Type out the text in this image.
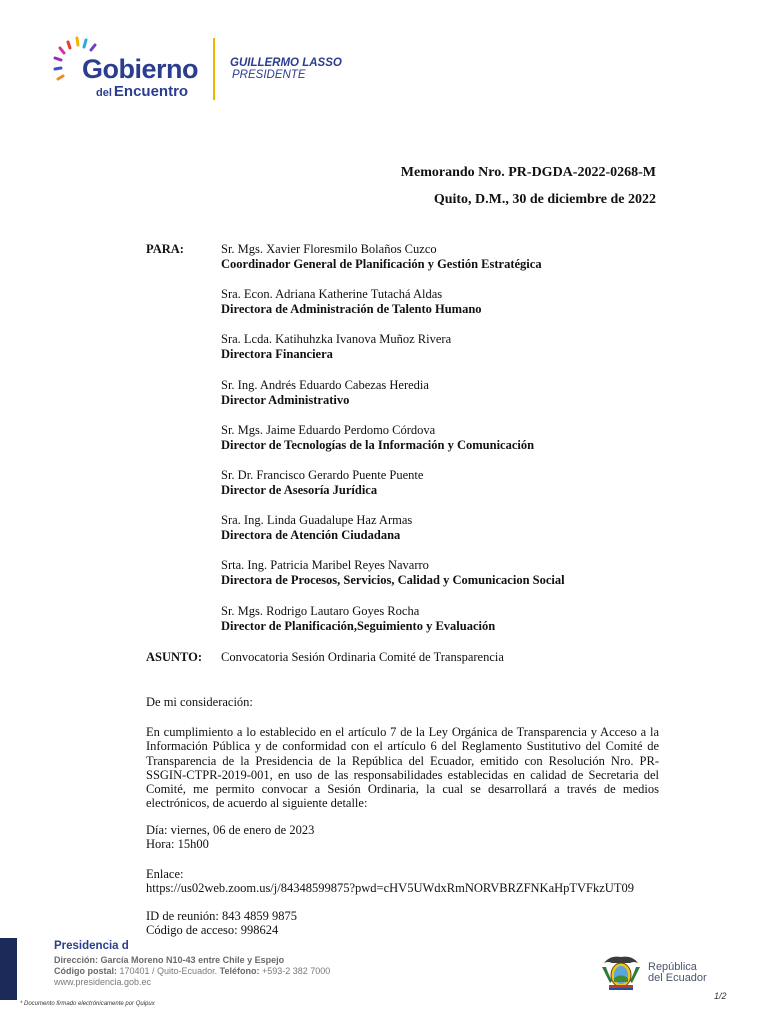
Gobierno
del Encuentro
GUILLERMO LASSO
PRESIDENTE
Memorando Nro. PR-DGDA-2022-0268-M
Quito, D.M., 30 de diciembre de 2022
PARA:	Sr. Mgs. Xavier Floresmilo Bolaños Cuzco
Coordinador General de Planificación y Gestión Estratégica
Sra. Econ. Adriana Katherine Tutachá Aldas
Directora de Administración de Talento Humano
Sra. Lcda. Katihuhzka Ivanova Muñoz Rivera
Directora Financiera
Sr. Ing. Andrés Eduardo Cabezas Heredia
Director Administrativo
Sr. Mgs. Jaime Eduardo Perdomo Córdova
Director de Tecnologías de la Información y Comunicación
Sr. Dr. Francisco Gerardo Puente Puente
Director de Asesoría Jurídica
Sra. Ing. Linda Guadalupe Haz Armas
Directora de Atención Ciudadana
Srta. Ing. Patricia Maribel Reyes Navarro
Directora de Procesos, Servicios, Calidad y Comunicacion Social
Sr. Mgs. Rodrigo Lautaro Goyes Rocha
Director de Planificación,Seguimiento y Evaluación
ASUNTO: Convocatoria Sesión Ordinaria Comité de Transparencia
De mi consideración:
En cumplimiento a lo establecido en el artículo 7 de la Ley Orgánica de Transparencia y Acceso a la Información Pública y de conformidad con el artículo 6 del Reglamento Sustitutivo del Comité de Transparencia de la Presidencia de la República del Ecuador, emitido con Resolución Nro. PR-SSGIN-CTPR-2019-001, en uso de las responsabilidades establecidas en calidad de Secretaria del Comité, me permito convocar a Sesión Ordinaria, la cual se desarrollará a través de medios electrónicos, de acuerdo al siguiente detalle:
Día: viernes, 06 de enero de 2023
Hora: 15h00
Enlace:
https://us02web.zoom.us/j/84348599875?pwd=cHV5UWdxRmNORVBRZFNKaHpTVFkzUT09
ID de reunión: 843 4859 9875
Código de acceso: 998624
Presidencia d
Dirección: García Moreno N10-43 entre Chile y Espejo
Código postal: 170401 / Quito-Ecuador. Teléfono: +593-2 382 7000
www.presidencia.gob.ec
República
del Ecuador
1/2
* Documento firmado electrónicamente por Quipux
